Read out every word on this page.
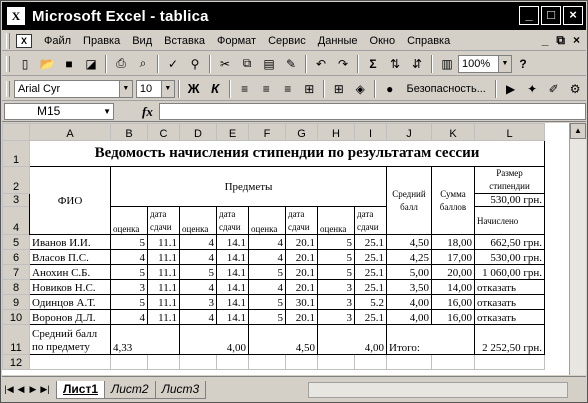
X Microsoft Excel - tablica	_	□	×
X	Файл	Правка	Вид	Вставка	Формат	Сервис	Данные	Окно	Справка	_ ⧉ ×
▯ 📂 ■	◪	⎙	⌕	✓	⚲	✂	⧉	▤ ✎	↶ ↷	Σ	⇅ ⇵	▥ 100%	▼ ?
Arial Cyr	▼ 10	▼ Ж К	≡	≡	≡	⊞	⊞ ◈	●	Безопасность...	▶ ✦ ✐ ⚙
M15	▼ fx
	A	B	C	D	E	F	G	H	I	J	K	L
1	Ведомость начисления стипендии по результатам сессии											
2	ФИО	Предметы								Средний балл	Сумма баллов	Размер стипендии
3												530,00 грн.
4		оценка	дата сдачи	оценка	дата сдачи	оценка	дата сдачи	оценка	дата сдачи			Начислено
5	Иванов И.И.	5	11.1	4	14.1	4	20.1	5	25.1	4,50	18,00	662,50 грн.
6	Власов П.С.	4	11.1	4	14.1	4	20.1	5	25.1	4,25	17,00	530,00 грн.
7	Анохин С.Б.	5	11.1	5	14.1	5	20.1	5	25.1	5,00	20,00	1 060,00 грн.
8	Новиков Н.С.	3	11.1	4	14.1	4	20.1	3	25.1	3,50	14,00	отказать
9	Одинцов А.Т.	5	11.1	3	14.1	5	30.1	3	5.2	4,00	16,00	отказать
10	Воронов Д.Л.	4	11.1	4	14.1	5	20.1	3	25.1	4,00	16,00	отказать
11	Средний балл по предмету	4,33		4,00		4,50		4,00		Итого:		2 252,50 грн.
12												
▲
|◀ ◀ ▶ ▶|	Лист1	Лист2	Лист3
